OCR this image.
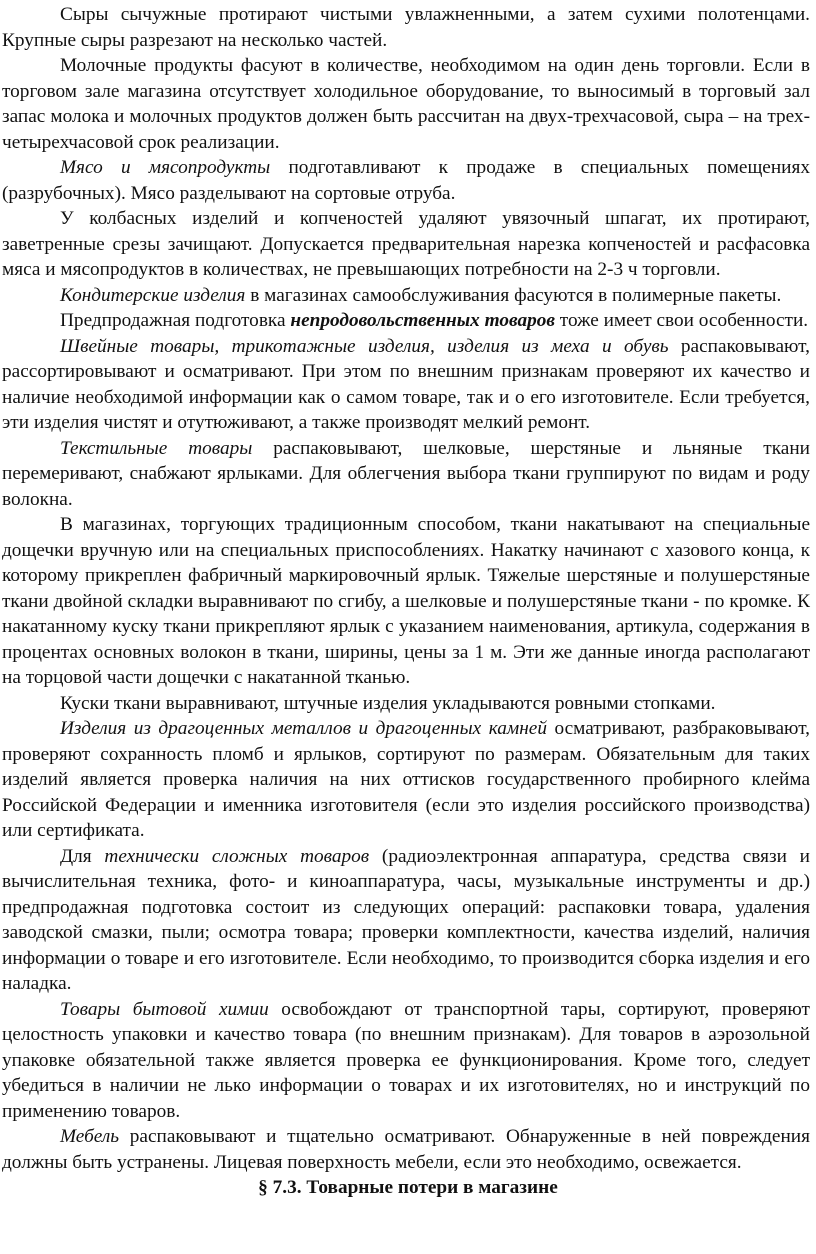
Сыры сычужные протирают чистыми увлажненными, а затем сухими полотенцами. Крупные сыры разрезают на несколько частей.

Молочные продукты фасуют в количестве, необходимом на один день торговли. Если в торговом зале магазина отсутствует холодильное оборудование, то выносимый в торговый зал запас молока и молочных продуктов должен быть рассчитан на двух-трехчасовой, сыра – на трех-четырехчасовой срок реализации.

Мясо и мясопродукты подготавливают к продаже в специальных помещениях (разрубочных). Мясо разделывают на сортовые отруба.

У колбасных изделий и копченостей удаляют увязочный шпагат, их протирают, заветренные срезы зачищают. Допускается предварительная нарезка копченостей и расфасовка мяса и мясопродуктов в количествах, не превышающих потребности на 2-3 ч торговли.

Кондитерские изделия в магазинах самообслуживания фасуются в полимерные пакеты.

Предпродажная подготовка непродовольственных товаров тоже имеет свои особенности.

Швейные товары, трикотажные изделия, изделия из меха и обувь распаковывают, рассортировывают и осматривают. При этом по внешним признакам проверяют их качество и наличие необходимой информации как о самом товаре, так и о его изготовителе. Если требуется, эти изделия чистят и отутюживают, а также производят мелкий ремонт.

Текстильные товары распаковывают, шелковые, шерстяные и льняные ткани перемеривают, снабжают ярлыками. Для облегчения выбора ткани группируют по видам и роду волокна.

В магазинах, торгующих традиционным способом, ткани накатывают на специальные дощечки вручную или на специальных приспособлениях. Накатку начинают с хазового конца, к которому прикреплен фабричный маркировочный ярлык. Тяжелые шерстяные и полушерстяные ткани двойной складки выравнивают по сгибу, а шелковые и полушерстяные ткани - по кромке. К накатанному куску ткани прикрепляют ярлык с указанием наименования, артикула, содержания в процентах основных волокон в ткани, ширины, цены за 1 м. Эти же данные иногда располагают на торцовой части дощечки с накатанной тканью.

Куски ткани выравнивают, штучные изделия укладываются ровными стопками.

Изделия из драгоценных металлов и драгоценных камней осматривают, разбраковывают, проверяют сохранность пломб и ярлыков, сортируют по размерам. Обязательным для таких изделий является проверка наличия на них оттисков государственного пробирного клейма Российской Федерации и именника изготовителя (если это изделия российского производства) или сертификата.

Для технически сложных товаров (радиоэлектронная аппаратура, средства связи и вычислительная техника, фото- и киноаппаратура, часы, музыкальные инструменты и др.) предпродажная подготовка состоит из следующих операций: распаковки товара, удаления заводской смазки, пыли; осмотра товара; проверки комплектности, качества изделий, наличия информации о товаре и его изготовителе. Если необходимо, то производится сборка изделия и его наладка.

Товары бытовой химии освобождают от транспортной тары, сортируют, проверяют целостность упаковки и качество товара (по внешним признакам). Для товаров в аэрозольной упаковке обязательной также является проверка ее функционирования. Кроме того, следует убедиться в наличии не лько информации о товарах и их изготовителях, но и инструкций по применению товаров.

Мебель распаковывают и тщательно осматривают. Обнаруженные в ней повреждения должны быть устранены. Лицевая поверхность мебели, если это необходимо, освежается.

§ 7.3. Товарные потери в магазине
